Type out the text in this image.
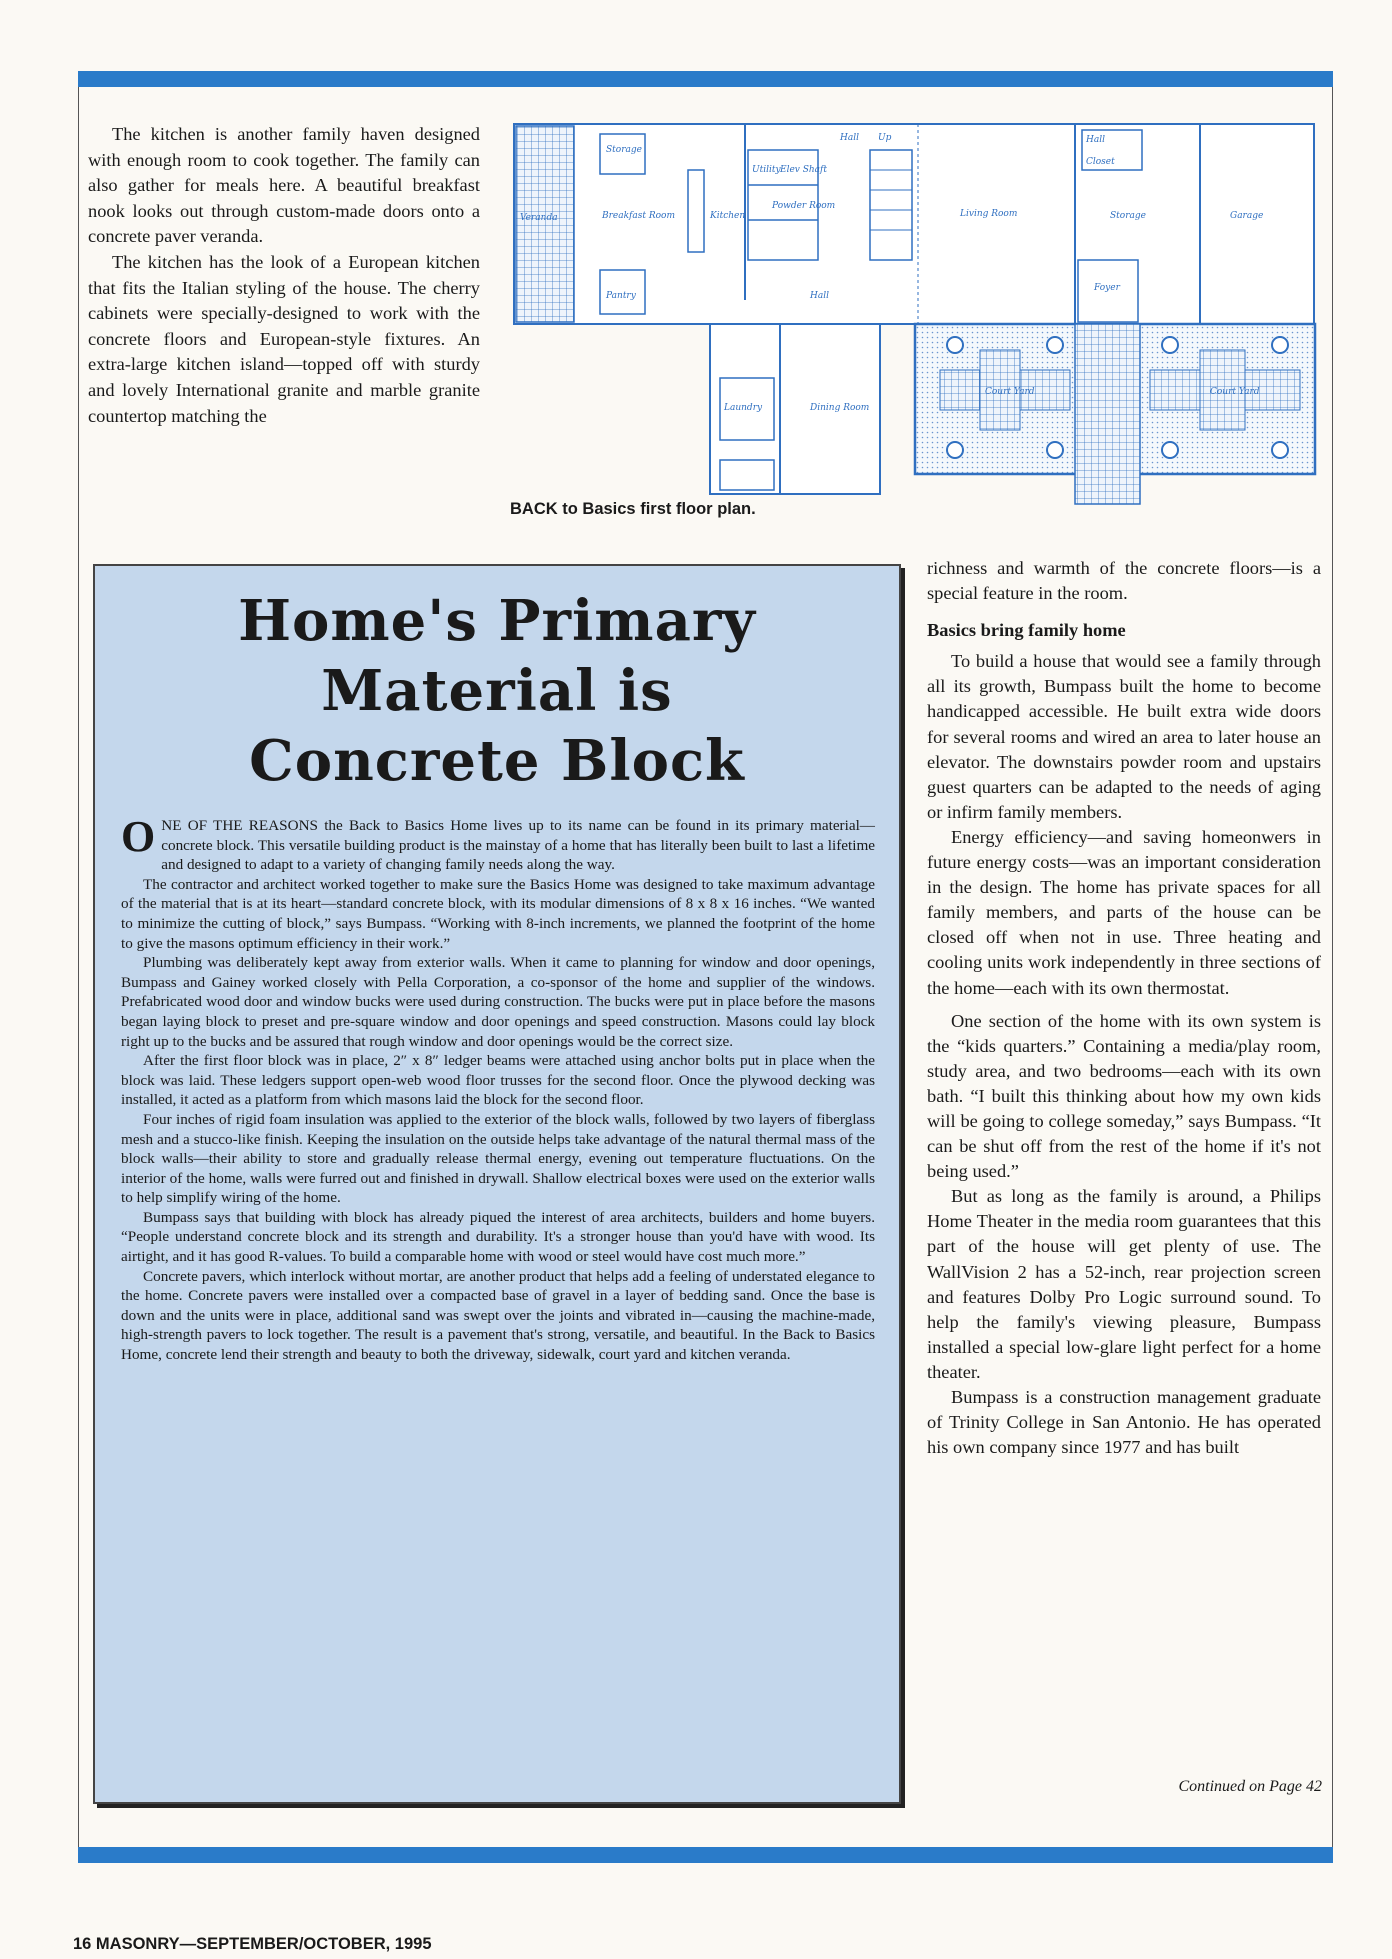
The kitchen is another family haven designed with enough room to cook together. The family can also gather for meals here. A beautiful breakfast nook looks out through custom-made doors onto a concrete paver veranda.

The kitchen has the look of a European kitchen that fits the Italian styling of the house. The cherry cabinets were specially-designed to work with the concrete floors and European-style fixtures. An extra-large kitchen island—topped off with sturdy and lovely International granite and marble granite countertop matching the

Storage
Veranda	Breakfast Room	Kitchen
Pantry
Hall Up
Utility Elev Shaft
Powder Room
Hall
Living Room
Hall
Closet
Storage	Garage
Foyer
Laundry	Dining Room
Court Yard	Court Yard
BACK to Basics first floor plan.
Home's Primary
Material is
Concrete Block

ONE OF THE REASONS the Back to Basics Home lives up to its name can be found in its primary material—concrete block. This versatile building product is the mainstay of a home that has literally been built to last a lifetime and designed to adapt to a variety of changing family needs along the way.

The contractor and architect worked together to make sure the Basics Home was designed to take maximum advantage of the material that is at its heart—standard concrete block, with its modular dimensions of 8 x 8 x 16 inches. “We wanted to minimize the cutting of block,” says Bumpass. “Working with 8-inch increments, we planned the footprint of the home to give the masons optimum efficiency in their work.”

Plumbing was deliberately kept away from exterior walls. When it came to planning for window and door openings, Bumpass and Gainey worked closely with Pella Corporation, a co-sponsor of the home and supplier of the windows. Prefabricated wood door and window bucks were used during construction. The bucks were put in place before the masons began laying block to preset and pre-square window and door openings and speed construction. Masons could lay block right up to the bucks and be assured that rough window and door openings would be the correct size.

After the first floor block was in place, 2″ x 8″ ledger beams were attached using anchor bolts put in place when the block was laid. These ledgers support open-web wood floor trusses for the second floor. Once the plywood decking was installed, it acted as a platform from which masons laid the block for the second floor.

Four inches of rigid foam insulation was applied to the exterior of the block walls, followed by two layers of fiberglass mesh and a stucco-like finish. Keeping the insulation on the outside helps take advantage of the natural thermal mass of the block walls—their ability to store and gradually release thermal energy, evening out temperature fluctuations. On the interior of the home, walls were furred out and finished in drywall. Shallow electrical boxes were used on the exterior walls to help simplify wiring of the home.

Bumpass says that building with block has already piqued the interest of area architects, builders and home buyers. “People understand concrete block and its strength and durability. It's a stronger house than you'd have with wood. Its airtight, and it has good R-values. To build a comparable home with wood or steel would have cost much more.”

Concrete pavers, which interlock without mortar, are another product that helps add a feeling of understated elegance to the home. Concrete pavers were installed over a compacted base of gravel in a layer of bedding sand. Once the base is down and the units were in place, additional sand was swept over the joints and vibrated in—causing the machine-made, high-strength pavers to lock together. The result is a pavement that's strong, versatile, and beautiful. In the Back to Basics Home, concrete lend their strength and beauty to both the driveway, sidewalk, court yard and kitchen veranda.

richness and warmth of the concrete floors—is a special feature in the room.

Basics bring family home

To build a house that would see a family through all its growth, Bumpass built the home to become handicapped accessible. He built extra wide doors for several rooms and wired an area to later house an elevator. The downstairs powder room and upstairs guest quarters can be adapted to the needs of aging or infirm family members.

Energy efficiency—and saving homeonwers in future energy costs—was an important consideration in the design. The home has private spaces for all family members, and parts of the house can be closed off when not in use. Three heating and cooling units work independently in three sections of the home—each with its own thermostat.

One section of the home with its own system is the “kids quarters.” Containing a media/play room, study area, and two bedrooms—each with its own bath. “I built this thinking about how my own kids will be going to college someday,” says Bumpass. “It can be shut off from the rest of the home if it's not being used.”

But as long as the family is around, a Philips Home Theater in the media room guarantees that this part of the house will get plenty of use. The WallVision 2 has a 52-inch, rear projection screen and features Dolby Pro Logic surround sound. To help the family's viewing pleasure, Bumpass installed a special low-glare light perfect for a home theater.

Bumpass is a construction management graduate of Trinity College in San Antonio. He has operated his own company since 1977 and has built

Continued on Page 42
16 MASONRY—SEPTEMBER/OCTOBER, 1995
